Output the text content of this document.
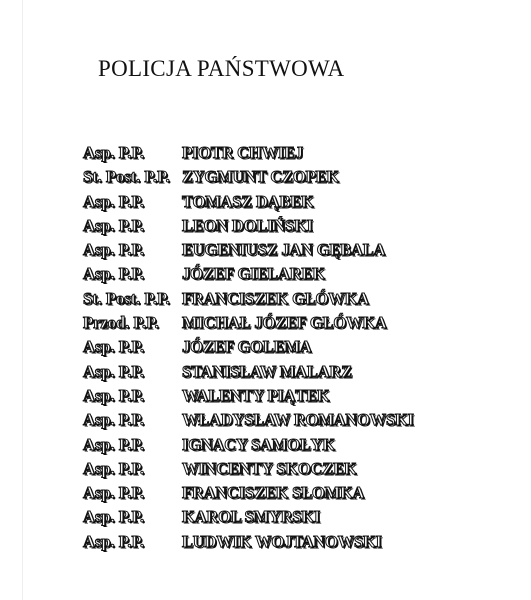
POLICJA PAŃSTWOWA
Asp. P.P. PIOTR CHWIEJ
St. Post. P.P. ZYGMUNT CZOPEK
Asp. P.P. TOMASZ DĄBEK
Asp. P.P. LEON DOLIŃSKI
Asp. P.P. EUGENIUSZ JAN GĘBALA
Asp. P.P. JÓZEF GIELAREK
St. Post. P.P. FRANCISZEK GŁÓWKA
Przod. P.P. MICHAŁ JÓZEF GŁÓWKA
Asp. P.P. JÓZEF GOLEMA
Asp. P.P. STANISŁAW MALARZ
Asp. P.P. WALENTY PIĄTEK
Asp. P.P. WŁADYSŁAW ROMANOWSKI
Asp. P.P. IGNACY SAMOŁYK
Asp. P.P. WINCENTY SKOCZEK
Asp. P.P. FRANCISZEK SŁOMKA
Asp. P.P. KAROL SMYRSKI
Asp. P.P. LUDWIK WOJTANOWSKI
